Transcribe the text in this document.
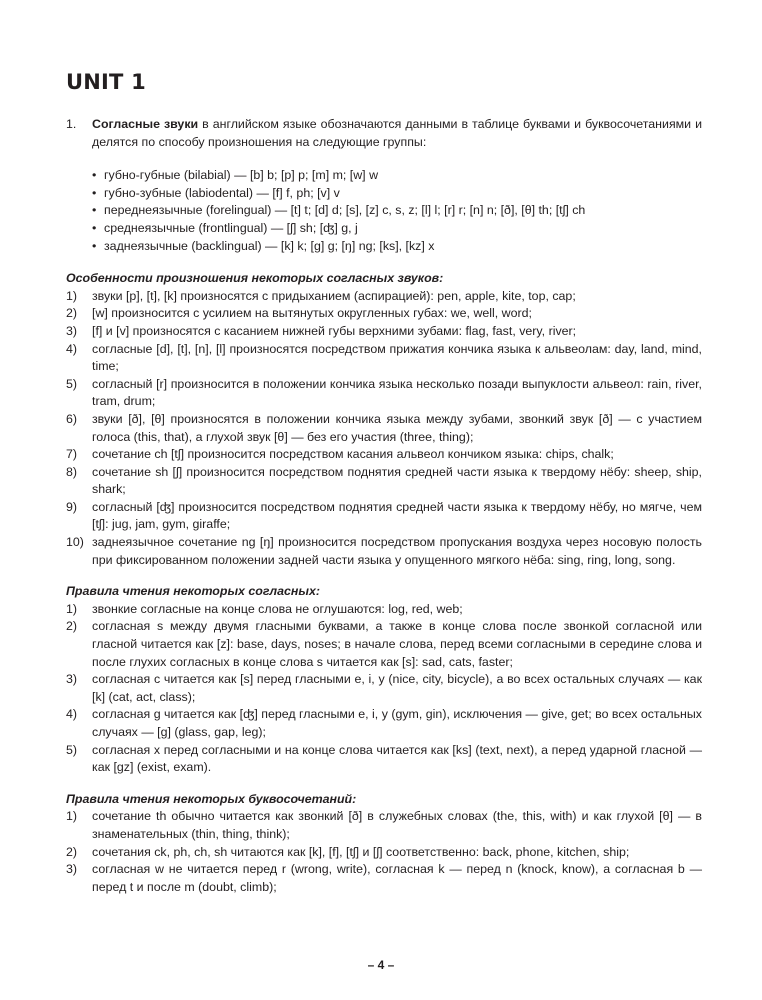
UNIT 1
1.	Согласные звуки в английском языке обозначаются данными в таблице буквами и буквосочетаниями и делятся по способу произношения на следующие группы:
• губно-губные (bilabial) — [b] b; [p] p; [m] m; [w] w
• губно-зубные (labiodental) — [f] f, ph; [v] v
• переднеязычные (forelingual) — [t] t; [d] d; [s], [z] c, s, z; [l] l; [r] r; [n] n; [ð], [θ] th; [tʃ] ch
• среднеязычные (frontlingual) — [ʃ] sh; [ʤ] g, j
• заднеязычные (backlingual) — [k] k; [g] g; [ŋ] ng; [ks], [kz] x
Особенности произношения некоторых согласных звуков:
1)	звуки [p], [t], [k] произносятся с придыханием (аспирацией): pen, apple, kite, top, cap;
2)	[w] произносится с усилием на вытянутых округленных губах: we, well, word;
3)	[f] и [v] произносятся с касанием нижней губы верхними зубами: flag, fast, very, river;
4)	согласные [d], [t], [n], [l] произносятся посредством прижатия кончика языка к альвеолам: day, land, mind, time;
5)	согласный [r] произносится в положении кончика языка несколько позади выпуклости альвеол: rain, river, tram, drum;
6)	звуки [ð], [θ] произносятся в положении кончика языка между зубами, звонкий звук [ð] — с участием голоса (this, that), а глухой звук [θ] — без его участия (three, thing);
7)	сочетание ch [tʃ] произносится посредством касания альвеол кончиком языка: chips, chalk;
8)	сочетание sh [ʃ] произносится посредством поднятия средней части языка к твердому нёбу: sheep, ship, shark;
9)	согласный [ʤ] произносится посредством поднятия средней части языка к твердому нёбу, но мягче, чем [tʃ]: jug, jam, gym, giraffe;
10) заднеязычное сочетание ng [ŋ] произносится посредством пропускания воздуха через носовую полость при фиксированном положении задней части языка у опущенного мягкого нёба: sing, ring, long, song.
Правила чтения некоторых согласных:
1)	звонкие согласные на конце слова не оглушаются: log, red, web;
2)	согласная s между двумя гласными буквами, а также в конце слова после звонкой согласной или гласной читается как [z]: base, days, noses; в начале слова, перед всеми согласными в середине слова и после глухих согласных в конце слова s читается как [s]: sad, cats, faster;
3)	согласная c читается как [s] перед гласными e, i, y (nice, city, bicycle), а во всех остальных случаях — как [k] (cat, act, class);
4)	согласная g читается как [ʤ] перед гласными e, i, y (gym, gin), исключения — give, get; во всех остальных случаях — [g] (glass, gap, leg);
5)	согласная x перед согласными и на конце слова читается как [ks] (text, next), а перед ударной гласной — как [gz] (exist, exam).
Правила чтения некоторых буквосочетаний:
1)	сочетание th обычно читается как звонкий [ð] в служебных словах (the, this, with) и как глухой [θ] — в знаменательных (thin, thing, think);
2)	сочетания ck, ph, ch, sh читаются как [k], [f], [tʃ] и [ʃ] соответственно: back, phone, kitchen, ship;
3)	согласная w не читается перед r (wrong, write), согласная k — перед n (knock, know), а согласная b — перед t и после m (doubt, climb);
– 4 –
